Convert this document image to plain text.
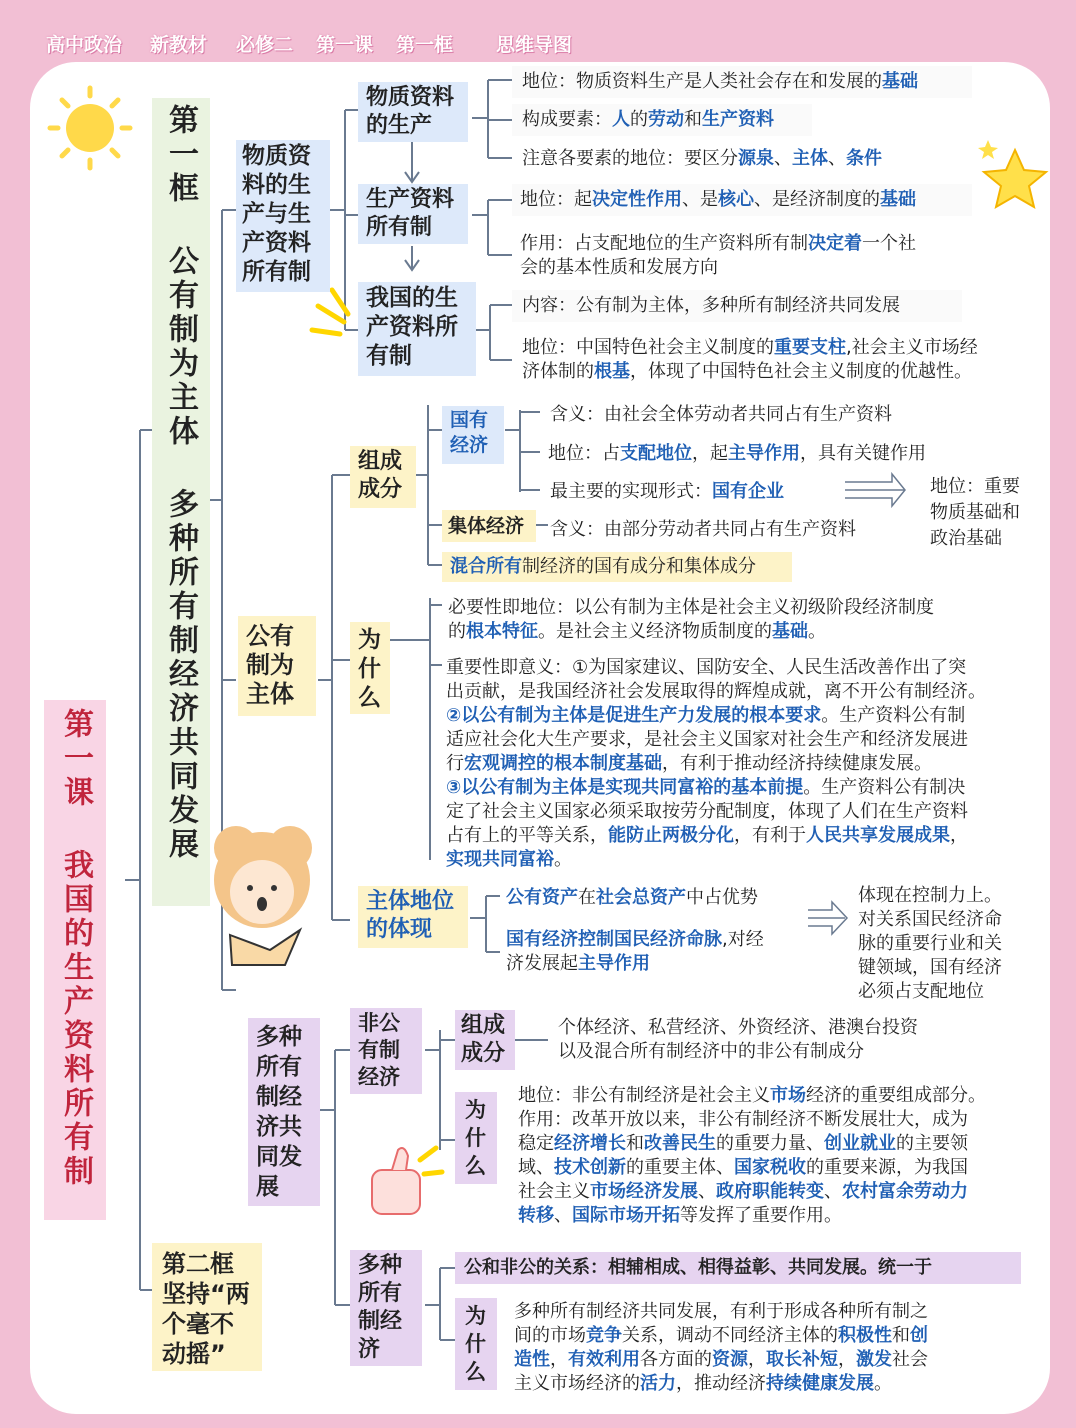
高中政治 新教材 必修二 第一课 第一框 思维导图
第一课 我国的生产资料所有制
第一框 公有制为主体 多种所有制经济共同发展
第二框坚持“两个毫不动摇”
物质资料的生产与生产资料所有制
公有制为主体
多种所有制经济共同发展
物质资料的生产
生产资料所有制
我国的生产资料所有制
地位：物质资料生产是人类社会存在和发展的基础
构成要素：人的劳动和生产资料
注意各要素的地位：要区分源泉、主体、条件
地位：起决定性作用、是核心、是经济制度的基础
作用：占支配地位的生产资料所有制决定着一个社
会的基本性质和发展方向
内容：公有制为主体，多种所有制经济共同发展
地位：中国特色社会主义制度的重要支柱,社会主义市场经
济体制的根基，体现了中国特色社会主义制度的优越性。
组成成分
国有经济
集体经济
含义：由社会全体劳动者共同占有生产资料
地位：占支配地位，起主导作用，具有关键作用
最主要的实现形式：国有企业	地位：重要
物质基础和
政治基础
含义：由部分劳动者共同占有生产资料
混合所有制经济的国有成分和集体成分
为什么
必要性即地位：以公有制为主体是社会主义初级阶段经济制度
的根本特征。是社会主义经济物质制度的基础。
重要性即意义：①为国家建议、国防安全、人民生活改善作出了突
出贡献，是我国经济社会发展取得的辉煌成就，离不开公有制经济。
②以公有制为主体是促进生产力发展的根本要求。生产资料公有制
适应社会化大生产要求，是社会主义国家对社会生产和经济发展进
行宏观调控的根本制度基础，有利于推动经济持续健康发展。
③以公有制为主体是实现共同富裕的基本前提。生产资料公有制决
定了社会主义国家必须采取按劳分配制度，体现了人们在生产资料
占有上的平等关系，能防止两极分化，有利于人民共享发展成果，
实现共同富裕。
主体地位的体现
公有资产在社会总资产中占优势
国有经济控制国民经济命脉,对经
济发展起主导作用
体现在控制力上。
对关系国民经济命
脉的重要行业和关
键领域，国有经济
必须占支配地位
非公有制经济
组成成分
个体经济、私营经济、外资经济、港澳台投资
以及混合所有制经济中的非公有制成分
为什么
地位：非公有制经济是社会主义市场经济的重要组成部分。
作用：改革开放以来，非公有制经济不断发展壮大，成为
稳定经济增长和改善民生的重要力量、创业就业的主要领
域、技术创新的重要主体、国家税收的重要来源，为我国
社会主义市场经济发展、政府职能转变、农村富余劳动力
转移、国际市场开拓等发挥了重要作用。
多种所有制经济
公和非公的关系：相辅相成、相得益彰、共同发展。统一于
为什么
多种所有制经济共同发展，有利于形成各种所有制之
间的市场竞争关系，调动不同经济主体的积极性和创
造性，有效利用各方面的资源，取长补短，激发社会
主义市场经济的活力，推动经济持续健康发展。
